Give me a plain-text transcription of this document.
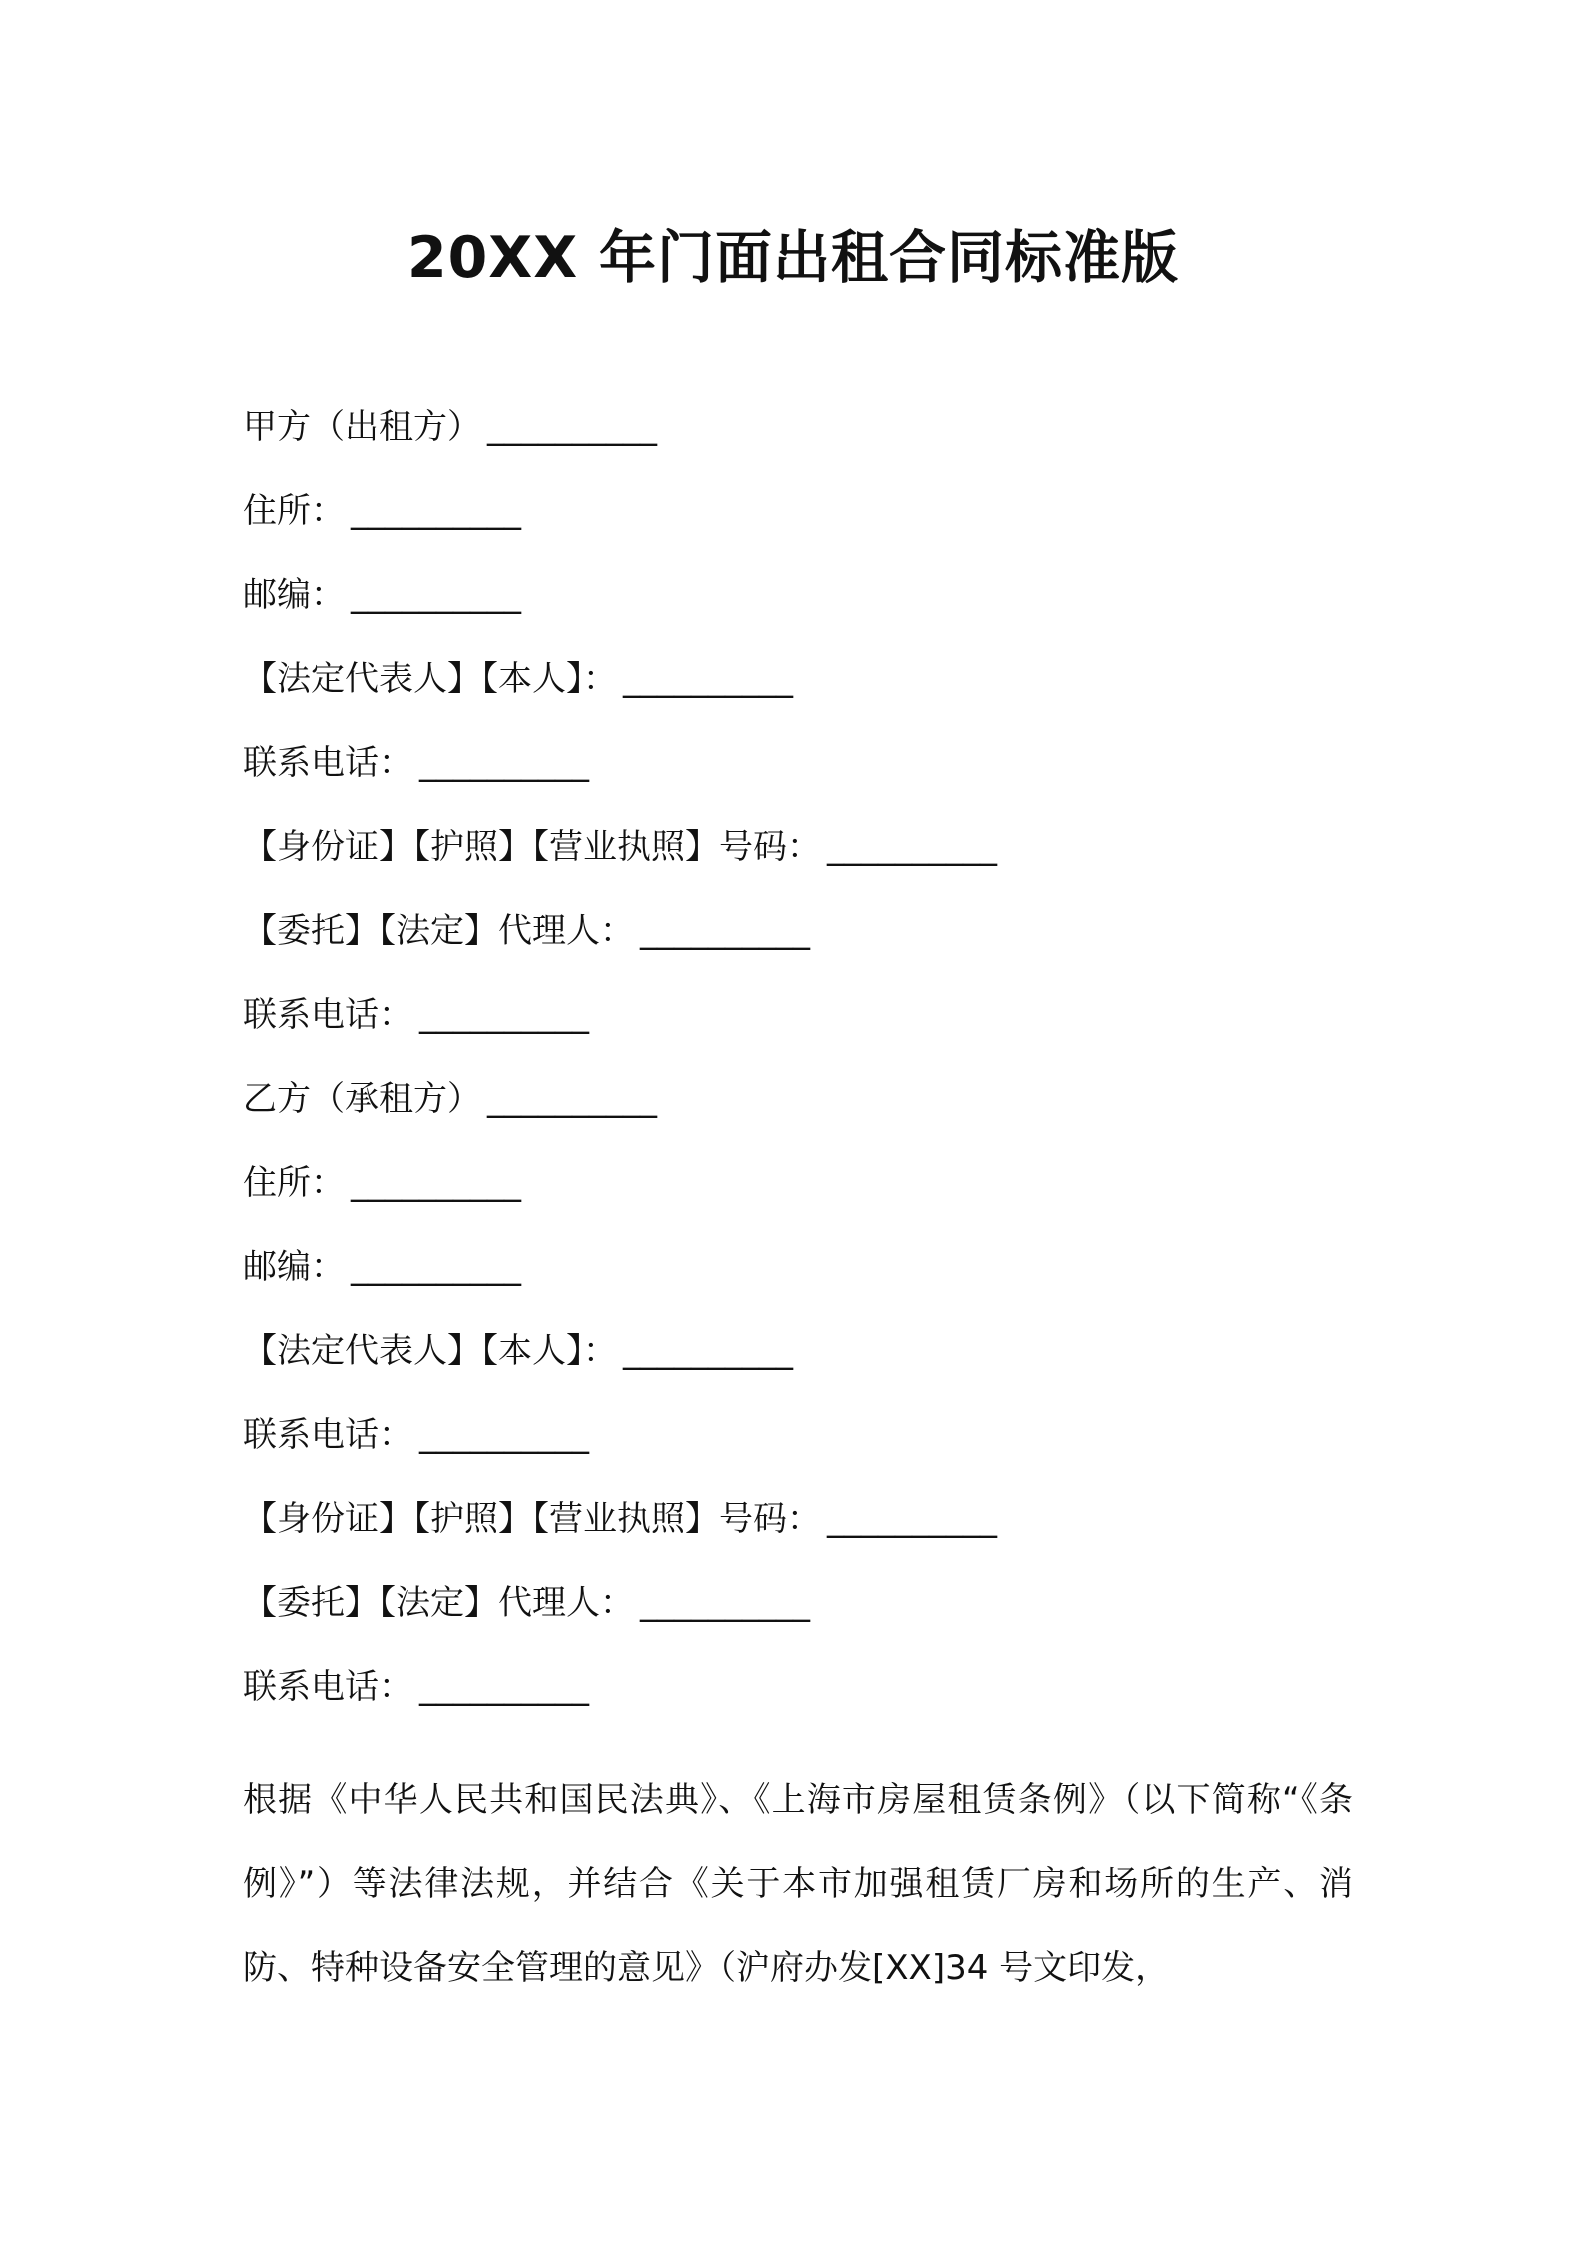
20XX 年门面出租合同标准版
甲方（出租方） __________
住所： __________
邮编： __________
【法定代表人】【本人】： __________
联系电话： __________
【身份证】【护照】【营业执照】号码： __________
【委托】【法定】代理人： __________
联系电话： __________
乙方（承租方） __________
住所： __________
邮编： __________
【法定代表人】【本人】： __________
联系电话： __________
【身份证】【护照】【营业执照】号码： __________
【委托】【法定】代理人： __________
联系电话： __________

根据《中华人民共和国民法典》、《上海市房屋租赁条例》（以下简称“《条例》”）等法律法规，并结合《关于本市加强租赁厂房和场所的生产、消防、特种设备安全管理的意见》（沪府办发[XX]34 号文印发，
